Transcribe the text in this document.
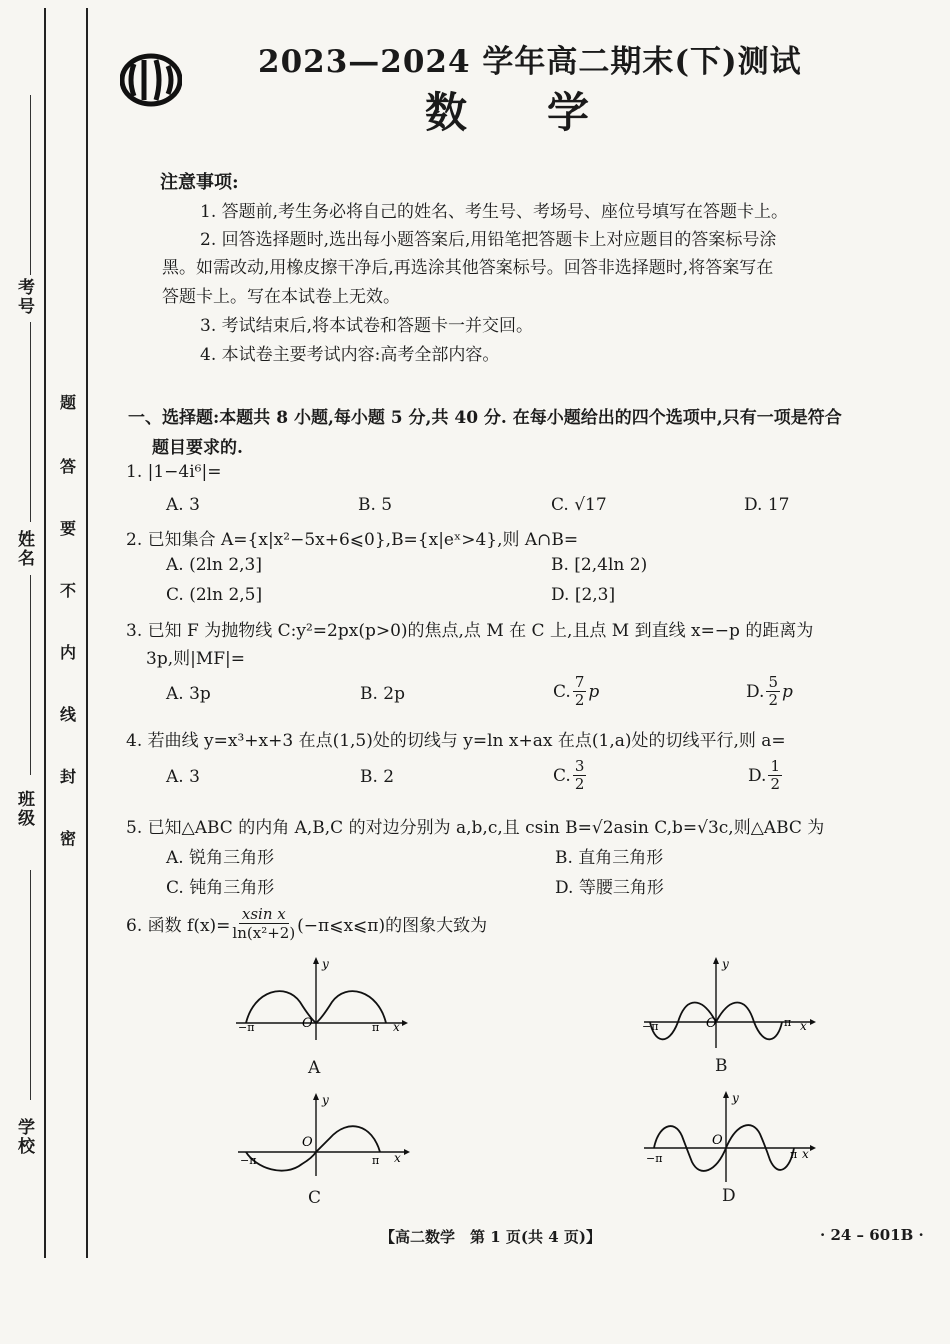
考号
姓名
班级
学校
题
答
要
不
内
线
封
密
2023—2024 学年高二期末(下)测试
数学
注意事项:
1. 答题前,考生务必将自己的姓名、考生号、考场号、座位号填写在答题卡上。
2. 回答选择题时,选出每小题答案后,用铅笔把答题卡上对应题目的答案标号涂
黑。如需改动,用橡皮擦干净后,再选涂其他答案标号。回答非选择题时,将答案写在
答题卡上。写在本试卷上无效。
3. 考试结束后,将本试卷和答题卡一并交回。
4. 本试卷主要考试内容:高考全部内容。
一、选择题:本题共 8 小题,每小题 5 分,共 40 分. 在每小题给出的四个选项中,只有一项是符合
题目要求的.
1. |1−4i⁶|=
A. 3	B. 5	C. √17	D. 17
2. 已知集合 A={x|x²−5x+6⩽0},B={x|eˣ>4},则 A∩B=
A. (2ln 2,3]	B. [2,4ln 2)
C. (2ln 2,5]	D. [2,3]
3. 已知 F 为抛物线 C:y²=2px(p>0)的焦点,点 M 在 C 上,且点 M 到直线 x=−p 的距离为
3p,则|MF|=
A. 3p	B. 2p	C. $\frac{7}{2}$ p	D. $\frac{5}{2}$ p
4. 若曲线 y=x³+x+3 在点(1,5)处的切线与 y=ln x+ax 在点(1,a)处的切线平行,则 a=
A. 3	B. 2	C. $\frac{3}{2}$	D. $\frac{1}{2}$
5. 已知△ABC 的内角 A,B,C 的对边分别为 a,b,c,且 csin B=√2asin C,b=√3c,则△ABC 为
A. 锐角三角形	B. 直角三角形
C. 钝角三角形	D. 等腰三角形
6. 函数 $f(x)= \frac{\text{xsin x}}{\text{ln(x²+2)}}$ (−π⩽x⩽π)的图象大致为
y
O
−π	π x
A
y
O
−π	π x
B
y
O
−π	π x
C
y
O
−π	π x
D
【高二数学　第 1 页(共 4 页)】	· 24 – 601B ·
